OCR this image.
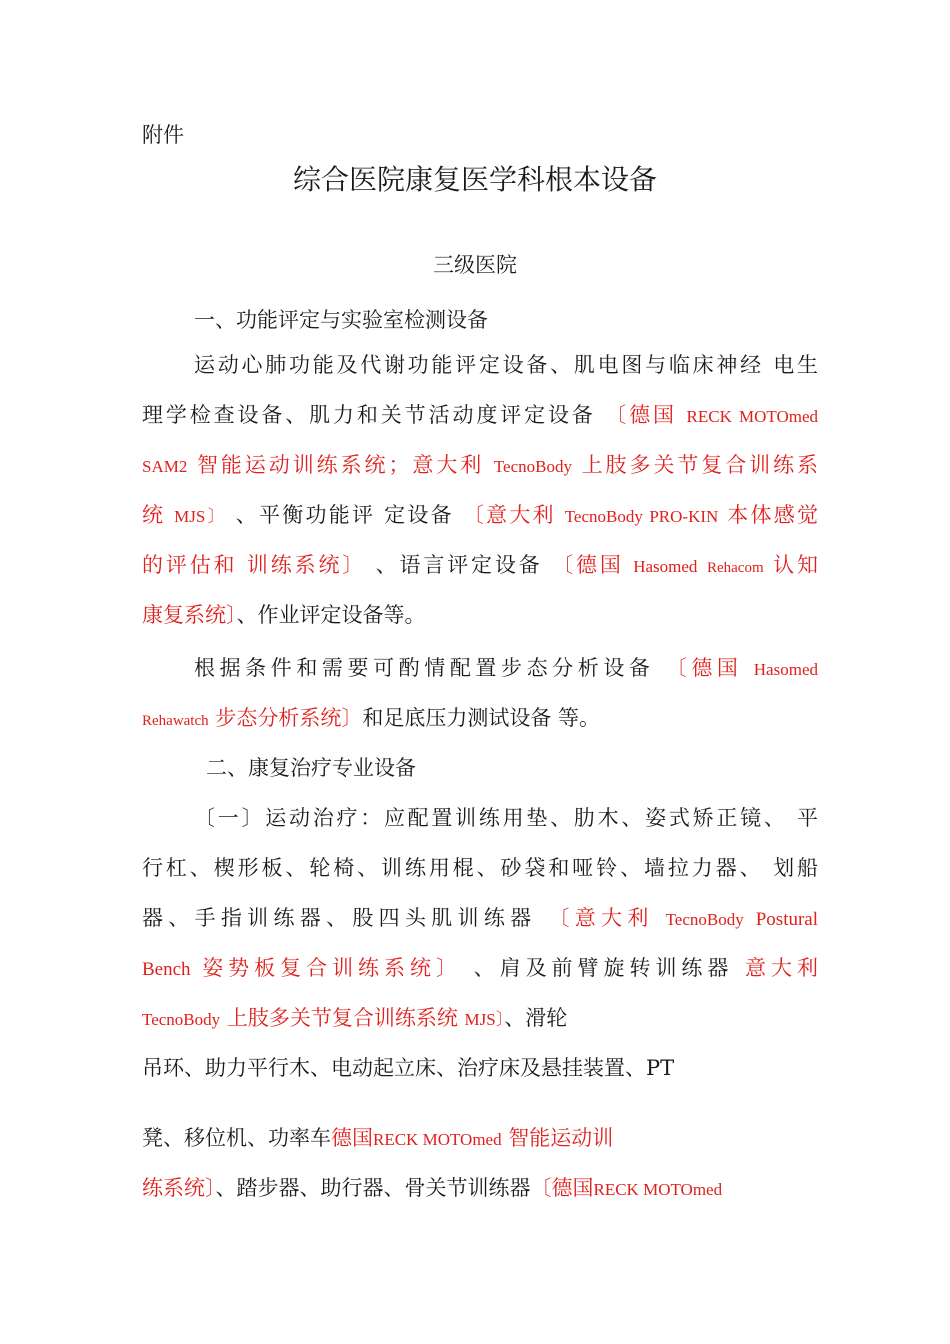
附件
综合医院康复医学科根本设备
三级医院
一、功能评定与实验室检测设备
运动心肺功能及代谢功能评定设备、肌电图与临床神经 电生
理学检查设备、肌力和关节活动度评定设备 〔德国 RECK MOTOmed
SAM2 智能运动训练系统；意大利 TecnoBody 上肢多关节复合训练系
统 MJS〕 、平衡功能评 定设备 〔意大利 TecnoBody PRO-KIN 本体感觉
的评估和 训练系统〕 、语言评定设备 〔德国 Hasomed Rehacom 认知
康复系统〕、作业评定设备等。
根据条件和需要可酌情配置步态分析设备 〔德国 Hasomed
Rehawatch 步态分析系统〕和足底压力测试设备 等。
二、康复治疗专业设备
〔一〕运动治疗：应配置训练用垫、肋木、姿式矫正镜、 平
行杠、楔形板、轮椅、训练用棍、砂袋和哑铃、墙拉力器、 划船
器、手指训练器、股四头肌训练器 〔意大利 TecnoBody Postural
Bench 姿势板复合训练系统〕 、肩及前臂旋转训练器 意大利
TecnoBody 上肢多关节复合训练系统 MJS〕、滑轮
吊环、助力平行木、电动起立床、治疗床及悬挂装置、PT
凳、移位机、功率车德国RECK MOTOmed 智能运动训
练系统〕、踏步器、助行器、骨关节训练器〔德国RECK MOTOmed
